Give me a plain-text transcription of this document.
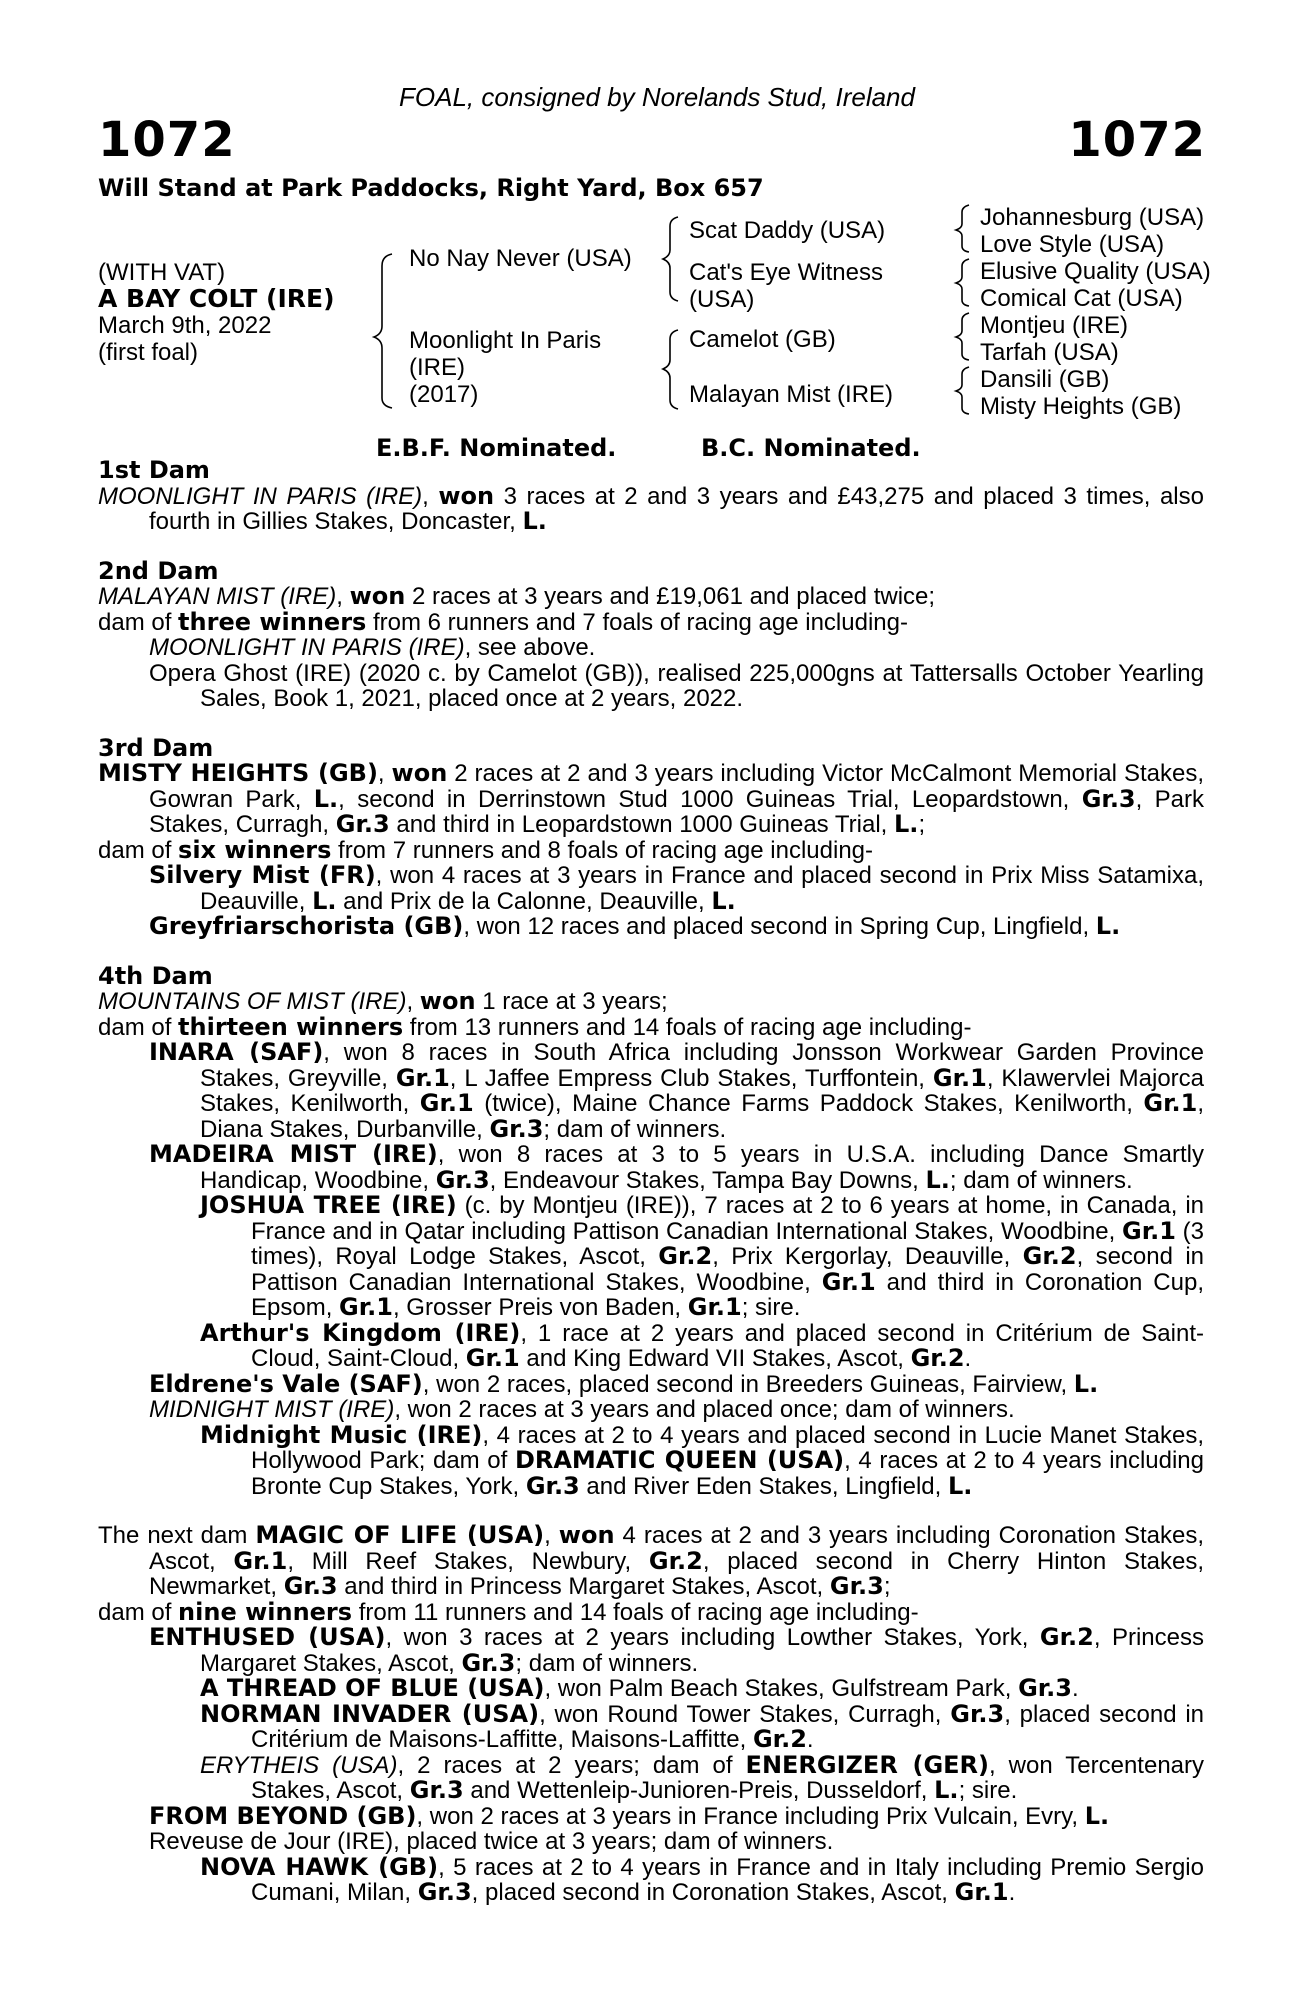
FOAL, consigned by Norelands Stud, Ireland
1072	1072
Will Stand at Park Paddocks, Right Yard, Box 657
(WITH VAT)
A BAY COLT (IRE)
March 9th, 2022
(first foal)
No Nay Never (USA)
Moonlight In Paris
(IRE)
(2017)
Scat Daddy (USA)
Cat's Eye Witness
(USA)
Camelot (GB)
Malayan Mist (IRE)
Johannesburg (USA)
Love Style (USA)
Elusive Quality (USA)
Comical Cat (USA)
Montjeu (IRE)
Tarfah (USA)
Dansili (GB)
Misty Heights (GB)
E.B.F. Nominated.	B.C. Nominated.
1st Dam
MOONLIGHT IN PARIS (IRE), won 3 races at 2 and 3 years and £43,275 and placed 3 times, also fourth in Gillies Stakes, Doncaster, L.
2nd Dam
MALAYAN MIST (IRE), won 2 races at 3 years and £19,061 and placed twice;
dam of three winners from 6 runners and 7 foals of racing age including-
MOONLIGHT IN PARIS (IRE), see above.
Opera Ghost (IRE) (2020 c. by Camelot (GB)), realised 225,000gns at Tattersalls October Yearling Sales, Book 1, 2021, placed once at 2 years, 2022.
3rd Dam
MISTY HEIGHTS (GB), won 2 races at 2 and 3 years including Victor McCalmont Memorial Stakes, Gowran Park, L., second in Derrinstown Stud 1000 Guineas Trial, Leopardstown, Gr.3, Park Stakes, Curragh, Gr.3 and third in Leopardstown 1000 Guineas Trial, L.;
dam of six winners from 7 runners and 8 foals of racing age including-
Silvery Mist (FR), won 4 races at 3 years in France and placed second in Prix Miss Satamixa, Deauville, L. and Prix de la Calonne, Deauville, L.
Greyfriarschorista (GB), won 12 races and placed second in Spring Cup, Lingfield, L.
4th Dam
MOUNTAINS OF MIST (IRE), won 1 race at 3 years;
dam of thirteen winners from 13 runners and 14 foals of racing age including-
INARA (SAF), won 8 races in South Africa including Jonsson Workwear Garden Province Stakes, Greyville, Gr.1, L Jaffee Empress Club Stakes, Turffontein, Gr.1, Klawervlei Majorca Stakes, Kenilworth, Gr.1 (twice), Maine Chance Farms Paddock Stakes, Kenilworth, Gr.1, Diana Stakes, Durbanville, Gr.3; dam of winners.
MADEIRA MIST (IRE), won 8 races at 3 to 5 years in U.S.A. including Dance Smartly Handicap, Woodbine, Gr.3, Endeavour Stakes, Tampa Bay Downs, L.; dam of winners.
JOSHUA TREE (IRE) (c. by Montjeu (IRE)), 7 races at 2 to 6 years at home, in Canada, in France and in Qatar including Pattison Canadian International Stakes, Woodbine, Gr.1 (3 times), Royal Lodge Stakes, Ascot, Gr.2, Prix Kergorlay, Deauville, Gr.2, second in Pattison Canadian International Stakes, Woodbine, Gr.1 and third in Coronation Cup, Epsom, Gr.1, Grosser Preis von Baden, Gr.1; sire.
Arthur's Kingdom (IRE), 1 race at 2 years and placed second in Critérium de Saint-Cloud, Saint-Cloud, Gr.1 and King Edward VII Stakes, Ascot, Gr.2.
Eldrene's Vale (SAF), won 2 races, placed second in Breeders Guineas, Fairview, L.
MIDNIGHT MIST (IRE), won 2 races at 3 years and placed once; dam of winners.
Midnight Music (IRE), 4 races at 2 to 4 years and placed second in Lucie Manet Stakes, Hollywood Park; dam of DRAMATIC QUEEN (USA), 4 races at 2 to 4 years including Bronte Cup Stakes, York, Gr.3 and River Eden Stakes, Lingfield, L.
The next dam MAGIC OF LIFE (USA), won 4 races at 2 and 3 years including Coronation Stakes, Ascot, Gr.1, Mill Reef Stakes, Newbury, Gr.2, placed second in Cherry Hinton Stakes, Newmarket, Gr.3 and third in Princess Margaret Stakes, Ascot, Gr.3;
dam of nine winners from 11 runners and 14 foals of racing age including-
ENTHUSED (USA), won 3 races at 2 years including Lowther Stakes, York, Gr.2, Princess Margaret Stakes, Ascot, Gr.3; dam of winners.
A THREAD OF BLUE (USA), won Palm Beach Stakes, Gulfstream Park, Gr.3.
NORMAN INVADER (USA), won Round Tower Stakes, Curragh, Gr.3, placed second in Critérium de Maisons-Laffitte, Maisons-Laffitte, Gr.2.
ERYTHEIS (USA), 2 races at 2 years; dam of ENERGIZER (GER), won Tercentenary Stakes, Ascot, Gr.3 and Wettenleip-Junioren-Preis, Dusseldorf, L.; sire.
FROM BEYOND (GB), won 2 races at 3 years in France including Prix Vulcain, Evry, L.
Reveuse de Jour (IRE), placed twice at 3 years; dam of winners.
NOVA HAWK (GB), 5 races at 2 to 4 years in France and in Italy including Premio Sergio Cumani, Milan, Gr.3, placed second in Coronation Stakes, Ascot, Gr.1.
